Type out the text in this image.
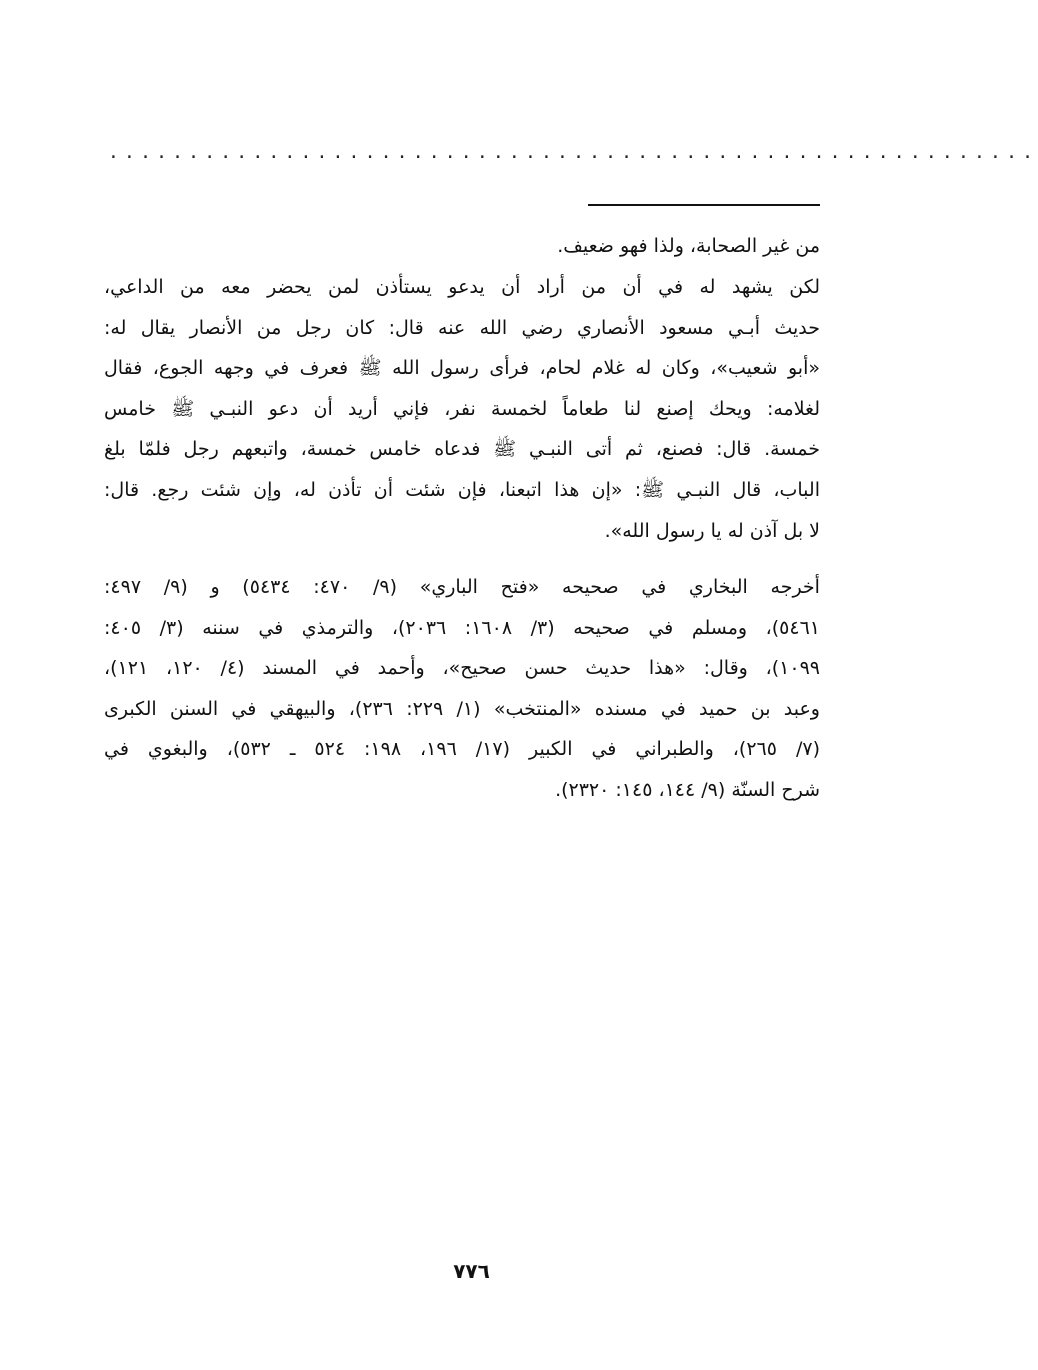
..........................................................
من غير الصحابة، ولذا فهو ضعيف.
لكن يشهد له في أن من أراد أن يدعو يستأذن لمن يحضر معه من الداعي،
حديث أبـي مسعود الأنصاري رضي الله عنه قال: كان رجل من الأنصار يقال له:
«أبو شعيب»، وكان له غلام لحام، فرأى رسول الله ﷺ فعرف في وجهه الجوع، فقال
لغلامه: ويحك إصنع لنا طعاماً لخمسة نفر، فإني أريد أن دعو النبـي ﷺ خامس
خمسة. قال: فصنع، ثم أتى النبـي ﷺ فدعاه خامس خمسة، واتبعهم رجل فلمّا بلغ
الباب، قال النبـي ﷺ: «إن هذا اتبعنا، فإن شئت أن تأذن له، وإن شئت رجع. قال:
لا بل آذن له يا رسول الله».
أخرجه البخاري في صحيحه «فتح الباري» (٩/ ٤٧٠: ٥٤٣٤) و (٩/ ٤٩٧:
٥٤٦١)، ومسلم في صحيحه (٣/ ١٦٠٨: ٢٠٣٦)، والترمذي في سننه (٣/ ٤٠٥:
١٠٩٩)، وقال: «هذا حديث حسن صحيح»، وأحمد في المسند (٤/ ١٢٠، ١٢١)،
وعبد بن حميد في مسنده «المنتخب» (١/ ٢٢٩: ٢٣٦)، والبيهقي في السنن الكبرى
(٧/ ٢٦٥)، والطبراني في الكبير (١٧/ ١٩٦، ١٩٨: ٥٢٤ ـ ٥٣٢)، والبغوي في
شرح السنّة (٩/ ١٤٤، ١٤٥: ٢٣٢٠).
٧٧٦
